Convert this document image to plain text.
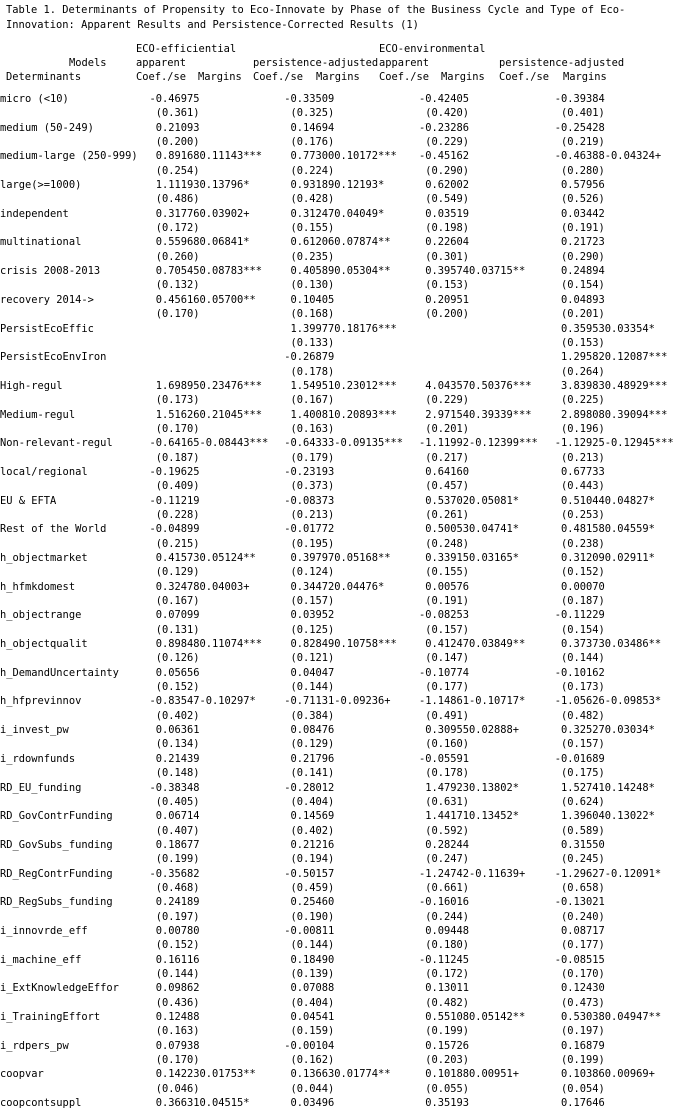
Table 1. Determinants of Propensity to Eco-Innovate by Phase of the Business Cycle and Type of Eco-Innovation: Apparent Results and Persistence-Corrected Results (1)
ECO-efficiential	ECO-environmental
Models	apparent	persistence-adjusted apparent	persistence-adjusted
Determinants	Coef./se Margins Coef./se Margins Coef./se Margins Coef./se Margins
micro (<10)	-0.46975		-0.33509		-0.42405		-0.39384	
	(0.361)		(0.325)		(0.420)		(0.401)	
medium (50-249)	0.21093		0.14694		-0.23286		-0.25428	
	(0.200)		(0.176)		(0.229)		(0.219)	
medium-large (250-999)	0.89168	0.11143***	0.77300	0.10172***	-0.45162		-0.46388	-0.04324+
	(0.254)		(0.224)		(0.290)		(0.280)	
large(>=1000)	1.11193	0.13796*	0.93189	0.12193*	0.62002		0.57956	
	(0.486)		(0.428)		(0.549)		(0.526)	
independent	0.31776	0.03902+	0.31247	0.04049*	0.03519		0.03442	
	(0.172)		(0.155)		(0.198)		(0.191)	
multinational	0.55968	0.06841*	0.61206	0.07874**	0.22604		0.21723	
	(0.260)		(0.235)		(0.301)		(0.290)	
crisis 2008-2013	0.70545	0.08783***	0.40589	0.05304**	0.39574	0.03715**	0.24894	
	(0.132)		(0.130)		(0.153)		(0.154)	
recovery 2014->	0.45616	0.05700**	0.10405		0.20951		0.04893	
	(0.170)		(0.168)		(0.200)		(0.201)	
PersistEcoEffic			1.39977	0.18176***			0.35953	0.03354*
			(0.133)				(0.153)	
PersistEcoEnvIron			-0.26879				1.29582	0.12087***
			(0.178)				(0.264)	
High-regul	1.69895	0.23476***	1.54951	0.23012***	4.04357	0.50376***	3.83983	0.48929***
	(0.173)		(0.167)		(0.229)		(0.225)	
Medium-regul	1.51626	0.21045***	1.40081	0.20893***	2.97154	0.39339***	2.89808	0.39094***
	(0.170)		(0.163)		(0.201)		(0.196)	
Non-relevant-regul	-0.64165	-0.08443***	-0.64333	-0.09135***	-1.11992	-0.12399***	-1.12925	-0.12945***
	(0.187)		(0.179)		(0.217)		(0.213)	
local/regional	-0.19625		-0.23193		0.64160		0.67733	
	(0.409)		(0.373)		(0.457)		(0.443)	
EU & EFTA	-0.11219		-0.08373		0.53702	0.05081*	0.51044	0.04827*
	(0.228)		(0.213)		(0.261)		(0.253)	
Rest of the World	-0.04899		-0.01772		0.50053	0.04741*	0.48158	0.04559*
	(0.215)		(0.195)		(0.248)		(0.238)	
h_objectmarket	0.41573	0.05124**	0.39797	0.05168**	0.33915	0.03165*	0.31209	0.02911*
	(0.129)		(0.124)		(0.155)		(0.152)	
h_hfmkdomest	0.32478	0.04003+	0.34472	0.04476*	0.00576		0.00070	
	(0.167)		(0.157)		(0.191)		(0.187)	
h_objectrange	0.07099		0.03952		-0.08253		-0.11229	
	(0.131)		(0.125)		(0.157)		(0.154)	
h_objectqualit	0.89848	0.11074***	0.82849	0.10758***	0.41247	0.03849**	0.37373	0.03486**
	(0.126)		(0.121)		(0.147)		(0.144)	
h_DemandUncertainty	0.05656		0.04047		-0.10774		-0.10162	
	(0.152)		(0.144)		(0.177)		(0.173)	
h_hfprevinnov	-0.83547	-0.10297*	-0.71131	-0.09236+	-1.14861	-0.10717*	-1.05626	-0.09853*
	(0.402)		(0.384)		(0.491)		(0.482)	
i_invest_pw	0.06361		0.08476		0.30955	0.02888+	0.32527	0.03034*
	(0.134)		(0.129)		(0.160)		(0.157)	
i_rdownfunds	0.21439		0.21796		-0.05591		-0.01689	
	(0.148)		(0.141)		(0.178)		(0.175)	
RD_EU_funding	-0.38348		-0.28012		1.47923	0.13802*	1.52741	0.14248*
	(0.405)		(0.404)		(0.631)		(0.624)	
RD_GovContrFunding	0.06714		0.14569		1.44171	0.13452*	1.39604	0.13022*
	(0.407)		(0.402)		(0.592)		(0.589)	
RD_GovSubs_funding	0.18677		0.21216		0.28244		0.31550	
	(0.199)		(0.194)		(0.247)		(0.245)	
RD_RegContrFunding	-0.35682		-0.50157		-1.24742	-0.11639+	-1.29627	-0.12091*
	(0.468)		(0.459)		(0.661)		(0.658)	
RD_RegSubs_funding	0.24189		0.25460		-0.16016		-0.13021	
	(0.197)		(0.190)		(0.244)		(0.240)	
i_innovrde_eff	0.00780		-0.00811		0.09448		0.08717	
	(0.152)		(0.144)		(0.180)		(0.177)	
i_machine_eff	0.16116		0.18490		-0.11245		-0.08515	
	(0.144)		(0.139)		(0.172)		(0.170)	
i_ExtKnowledgeEffor	0.09862		0.07088		0.13011		0.12430	
	(0.436)		(0.404)		(0.482)		(0.473)	
i_TrainingEffort	0.12488		0.04541		0.55108	0.05142**	0.53038	0.04947**
	(0.163)		(0.159)		(0.199)		(0.197)	
i_rdpers_pw	0.07938		-0.00104		0.15726		0.16879	
	(0.170)		(0.162)		(0.203)		(0.199)	
coopvar	0.14223	0.01753**	0.13663	0.01774**	0.10188	0.00951+	0.10386	0.00969+
	(0.046)		(0.044)		(0.055)		(0.054)	
coopcontsuppl	0.36631	0.04515*	0.03496		0.35193		0.17646	
